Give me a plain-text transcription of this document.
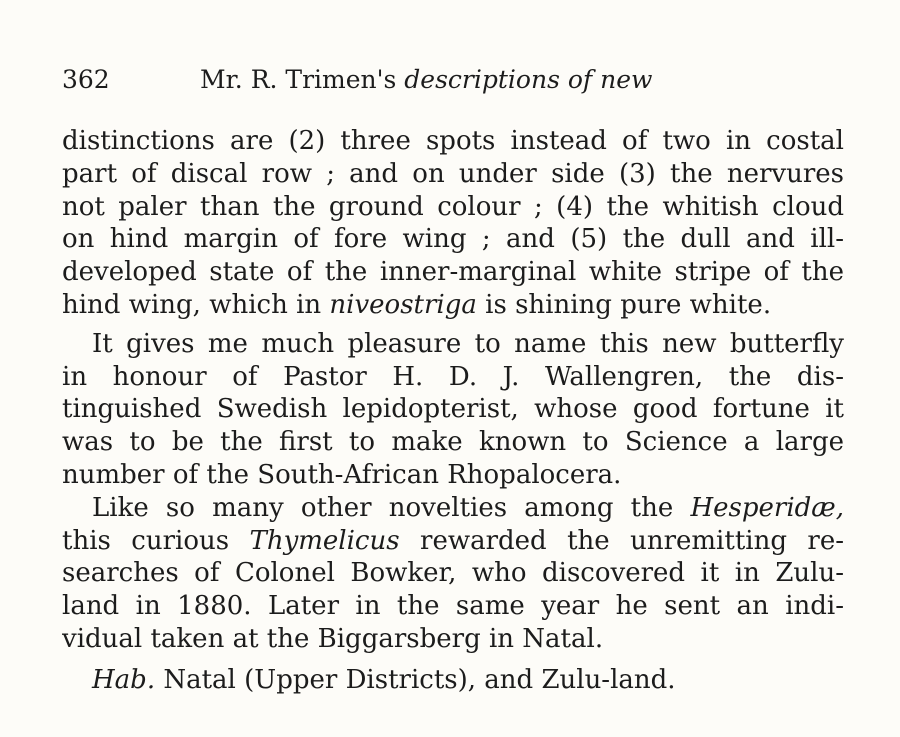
362	Mr. R. Trimen's descriptions of new
distinctions are (2) three spots instead of two in costal
part of discal row ; and on under side (3) the nervures
not paler than the ground colour ; (4) the whitish cloud
on hind margin of fore wing ; and (5) the dull and ill-
developed state of the inner-marginal white stripe of the
hind wing, which in niveostriga is shining pure white.
It gives me much pleasure to name this new butterfly
in honour of Pastor H. D. J. Wallengren, the dis-
tinguished Swedish lepidopterist, whose good fortune it
was to be the first to make known to Science a large
number of the South-African Rhopalocera.
Like so many other novelties among the Hesperidæ,
this curious Thymelicus rewarded the unremitting re-
searches of Colonel Bowker, who discovered it in Zulu-
land in 1880. Later in the same year he sent an indi-
vidual taken at the Biggarsberg in Natal.
Hab. Natal (Upper Districts), and Zulu-land.
